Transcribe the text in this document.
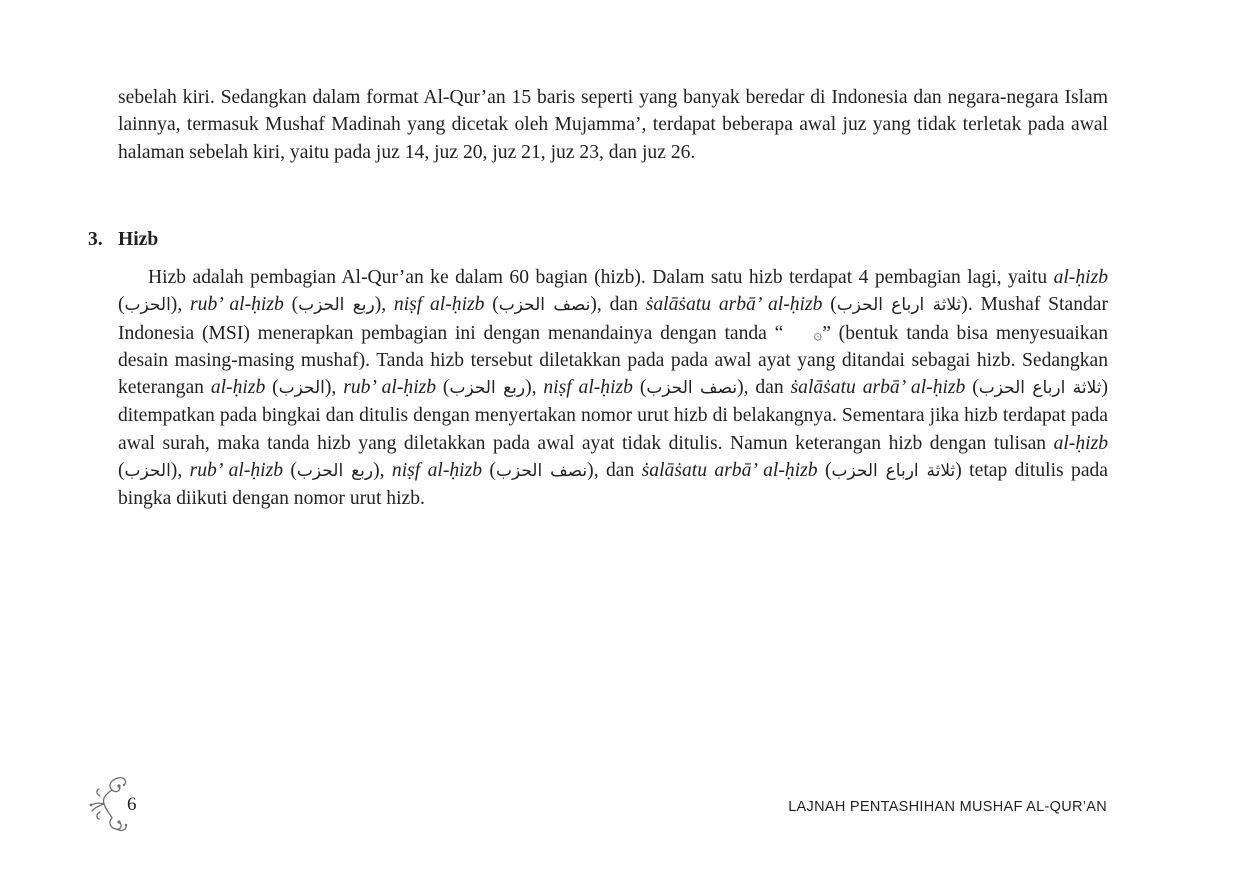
sebelah kiri. Sedangkan dalam format Al-Qur’an 15 baris seperti yang banyak beredar di Indonesia dan negara-negara Islam lainnya, termasuk Mushaf Madinah yang dicetak oleh Mujamma’, terdapat beberapa awal juz yang tidak terletak pada awal halaman sebelah kiri, yaitu pada juz 14, juz 20, juz 21, juz 23, dan juz 26.

3. Hizb

Hizb adalah pembagian Al-Qur’an ke dalam 60 bagian (hizb). Dalam satu hizb terdapat 4 pembagian lagi, yaitu al-ḥizb (الحزب), rub’ al-ḥizb (ربع الحزب), niṣf al-ḥizb (نصف الحزب), dan ṡalāṡatu arbā’ al-ḥizb (ثلاثة ارباع الحزب). Mushaf Standar Indonesia (MSI) menerapkan pembagian ini dengan menandainya dengan tanda “ ۞” (bentuk tanda bisa menyesuaikan desain masing-masing mushaf). Tanda hizb tersebut diletakkan pada pada awal ayat yang ditandai sebagai hizb. Sedangkan keterangan al-ḥizb (الحزب), rub’ al-ḥizb (ربع الحزب), niṣf al-ḥizb (نصف الحزب), dan ṡalāṡatu arbā’ al-ḥizb (ثلاثة ارباع الحزب) ditempatkan pada bingkai dan ditulis dengan menyertakan nomor urut hizb di belakangnya. Sementara jika hizb terdapat pada awal surah, maka tanda hizb yang diletakkan pada awal ayat tidak ditulis. Namun keterangan hizb dengan tulisan al-ḥizb (الحزب), rub’ al-ḥizb (ربع الحزب), niṣf al-ḥizb (نصف الحزب), dan ṡalāṡatu arbā’ al-ḥizb (ثلاثة ارباع الحزب) tetap ditulis pada bingka diikuti dengan nomor urut hizb.

6	LAJNAH PENTASHIHAN MUSHAF AL-QUR’AN
